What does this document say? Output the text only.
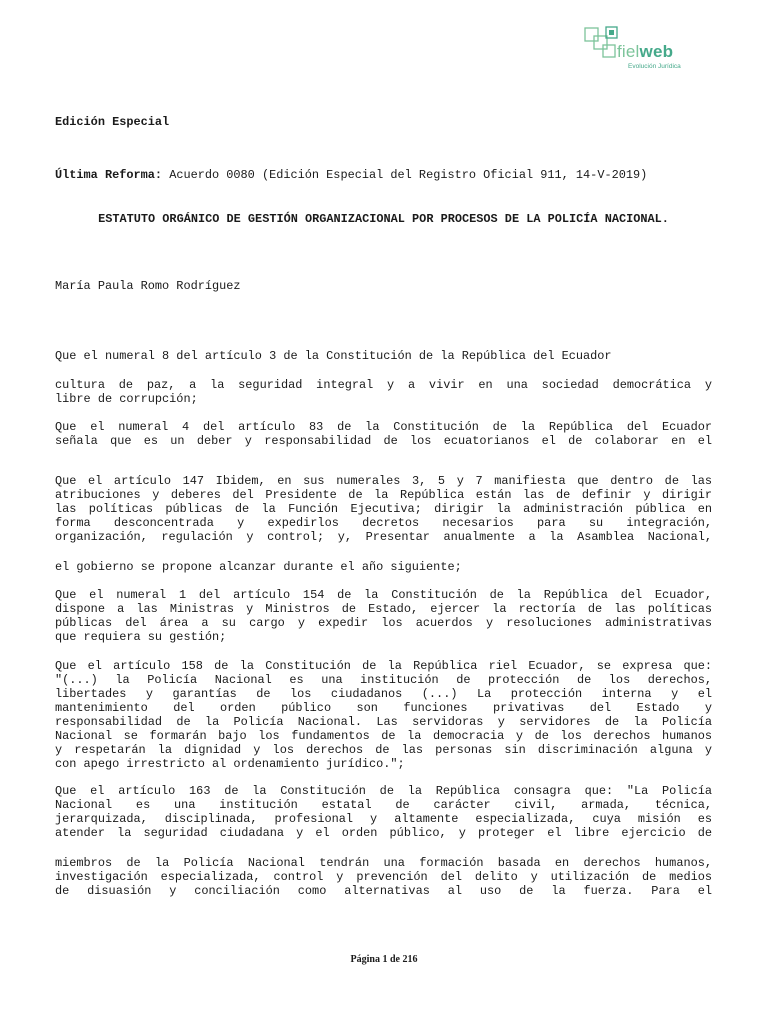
fielweb
Evolución Jurídica
Edición Especial
Última Reforma: Acuerdo 0080 (Edición Especial del Registro Oficial 911, 14-V-2019)
ESTATUTO ORGÁNICO DE GESTIÓN ORGANIZACIONAL POR PROCESOS DE LA POLICÍA NACIONAL.
María Paula Romo Rodríguez
Que el numeral 8 del artículo 3 de la Constitución de la República del Ecuador
cultura de paz, a la seguridad integral y a vivir en una sociedad democrática y
libre de corrupción;
Que el numeral 4 del artículo 83 de la Constitución de la República del Ecuador
señala que es un deber y responsabilidad de los ecuatorianos el de colaborar en el
Que el artículo 147 Ibidem, en sus numerales 3, 5 y 7 manifiesta que dentro de las
atribuciones y deberes del Presidente de la República están las de definir y dirigir
las políticas públicas de la Función Ejecutiva; dirigir la administración pública en
forma desconcentrada y expedirlos decretos necesarios para su integración,
organización, regulación y control; y, Presentar anualmente a la Asamblea Nacional,
el gobierno se propone alcanzar durante el año siguiente;
Que el numeral 1 del artículo 154 de la Constitución de la República del Ecuador,
dispone a las Ministras y Ministros de Estado, ejercer la rectoría de las políticas
públicas del área a su cargo y expedir los acuerdos y resoluciones administrativas
que requiera su gestión;
Que el artículo 158 de la Constitución de la República riel Ecuador, se expresa que:
"(...) la Policía Nacional es una institución de protección de los derechos,
libertades y garantías de los ciudadanos (...) La protección interna y el
mantenimiento del orden público son funciones privativas del Estado y
responsabilidad de la Policía Nacional. Las servidoras y servidores de la Policía
Nacional se formarán bajo los fundamentos de la democracia y de los derechos humanos
y respetarán la dignidad y los derechos de las personas sin discriminación alguna y
con apego irrestricto al ordenamiento jurídico.";
Que el artículo 163 de la Constitución de la República consagra que: "La Policía
Nacional es una institución estatal de carácter civil, armada, técnica,
jerarquizada, disciplinada, profesional y altamente especializada, cuya misión es
atender la seguridad ciudadana y el orden público, y proteger el libre ejercicio de
miembros de la Policía Nacional tendrán una formación basada en derechos humanos,
investigación especializada, control y prevención del delito y utilización de medios
de disuasión y conciliación como alternativas al uso de la fuerza. Para el
Página 1 de 216
